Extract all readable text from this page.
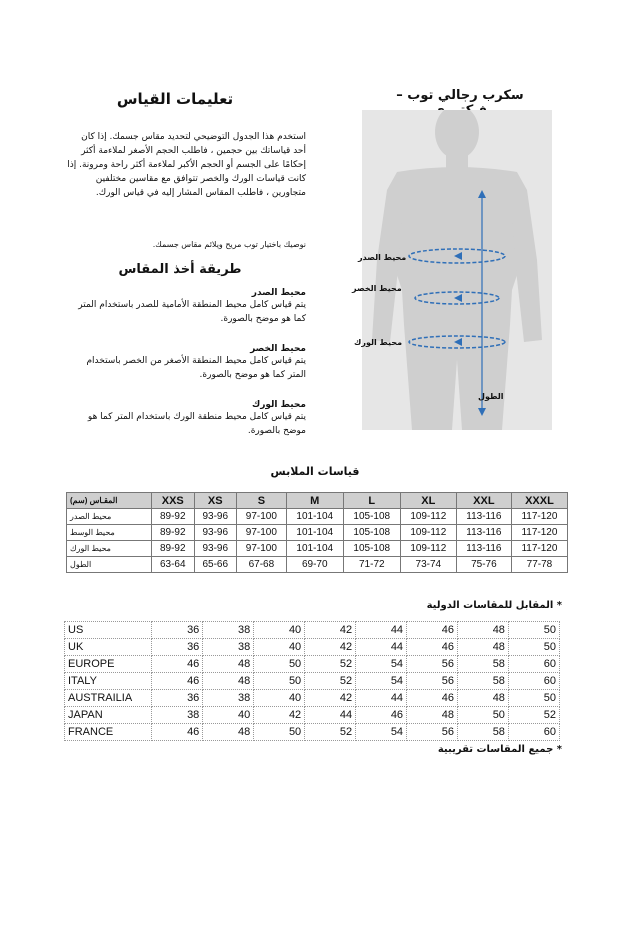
سكرب رجالي توب –
تعليمات القياس
استخدم هذا الجدول التوضيحي لتحديد مقاس جسمك. إذا كان أحد قياساتك بين حجمين ، فاطلب الحجم الأصغر لملاءمة أكثر إحكامًا على الجسم أو الحجم الأكبر لملاءمة أكثر راحة ومرونة. إذا كانت قياسات الورك والخصر تتوافق مع مقاسين مختلفين متجاورين ، فاطلب المقاس المشار إليه في قياس الورك.
نوصيك باختيار توب مريح ويلائم مقاس جسمك.
طريقة أخذ المقاس
محيط الصدر
يتم قياس كامل محيط المنطقة الأمامية للصدر باستخدام المتر كما هو موضح بالصورة.
محيط الخصر
يتم قياس كامل محيط المنطقة الأصغر من الخصر باستخدام المتر كما هو موضح بالصورة.
محيط الورك
يتم قياس كامل محيط منطقة الورك باستخدام المتر كما هو موضح بالصورة.
محيط الصدر
محيط الخصر
محيط الورك
الطول
قياسات الملابس
المقـاس (سم)	XXS	XS	S	M	L	XL	XXL	XXXL
محيط الصدر	89-92	93-96	97-100	101-104	105-108	109-112	113-116	117-120
محيط الوسط	89-92	93-96	97-100	101-104	105-108	109-112	113-116	117-120
محيط الورك	89-92	93-96	97-100	101-104	105-108	109-112	113-116	117-120
الطول	63-64	65-66	67-68	69-70	71-72	73-74	75-76	77-78
* المقابل للمقاسات الدولية
US	36	38	40	42	44	46	48	50
UK	36	38	40	42	44	46	48	50
EUROPE	46	48	50	52	54	56	58	60
ITALY	46	48	50	52	54	56	58	60
AUSTRAILIA	36	38	40	42	44	46	48	50
JAPAN	38	40	42	44	46	48	50	52
FRANCE	46	48	50	52	54	56	58	60
* جميع المقاسات تقريبية
